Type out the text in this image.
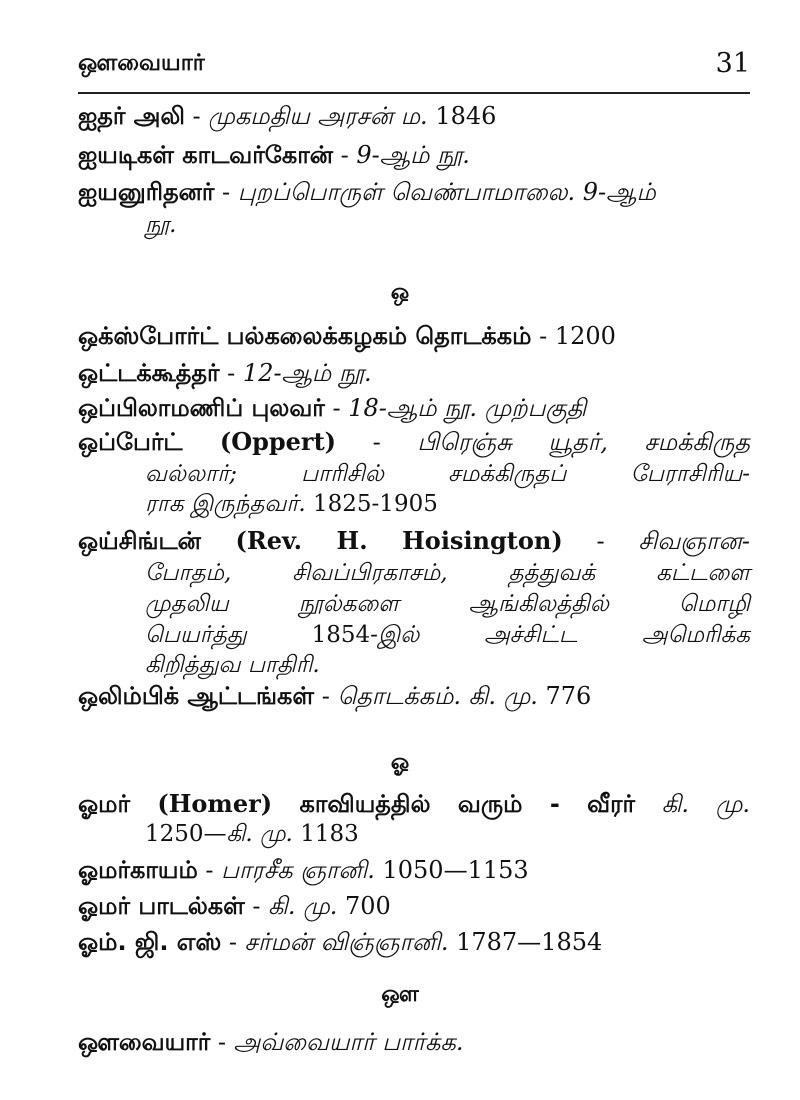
ஔவையார்	31
ஐதர் அலி - முகமதிய அரசன் ம. 1846
ஐயடிகள் காடவர்கோன் - 9-ஆம் நூ.
ஐயனுரிதனர் - புறப்பொருள் வெண்பாமாலை. 9-ஆம்
நூ.
ஒ
ஒக்ஸ்போர்ட் பல்கலைக்கழகம் தொடக்கம் - 1200
ஒட்டக்கூத்தர் - 12-ஆம் நூ.
ஒப்பிலாமணிப் புலவர் - 18-ஆம் நூ. முற்பகுதி
ஒப்பேர்ட் (Oppert) - பிரெஞ்சு யூதர், சமக்கிருத
வல்லார்; பாரிசில் சமக்கிருதப் பேராசிரிய-
ராக இருந்தவர். 1825-1905
ஒய்சிங்டன் (Rev. H. Hoisington) - சிவஞான-
போதம், சிவப்பிரகாசம், தத்துவக் கட்டளை
முதலிய நூல்களை ஆங்கிலத்தில் மொழி
பெயர்த்து 1854-இல் அச்சிட்ட அமெரிக்க
கிறித்துவ பாதிரி.
ஒலிம்பிக் ஆட்டங்கள் - தொடக்கம். கி. மு. 776
ஓ
ஓமர் (Homer) காவியத்தில் வரும் - வீரர் கி. மு.
1250—கி. மு. 1183
ஓமர்காயம் - பாரசீக ஞானி. 1050—1153
ஓமர் பாடல்கள் - கி. மு. 700
ஓம். ஜி. எஸ் - சர்மன் விஞ்ஞானி. 1787—1854
ஔ
ஔவையார் - அவ்வையார் பார்க்க.
